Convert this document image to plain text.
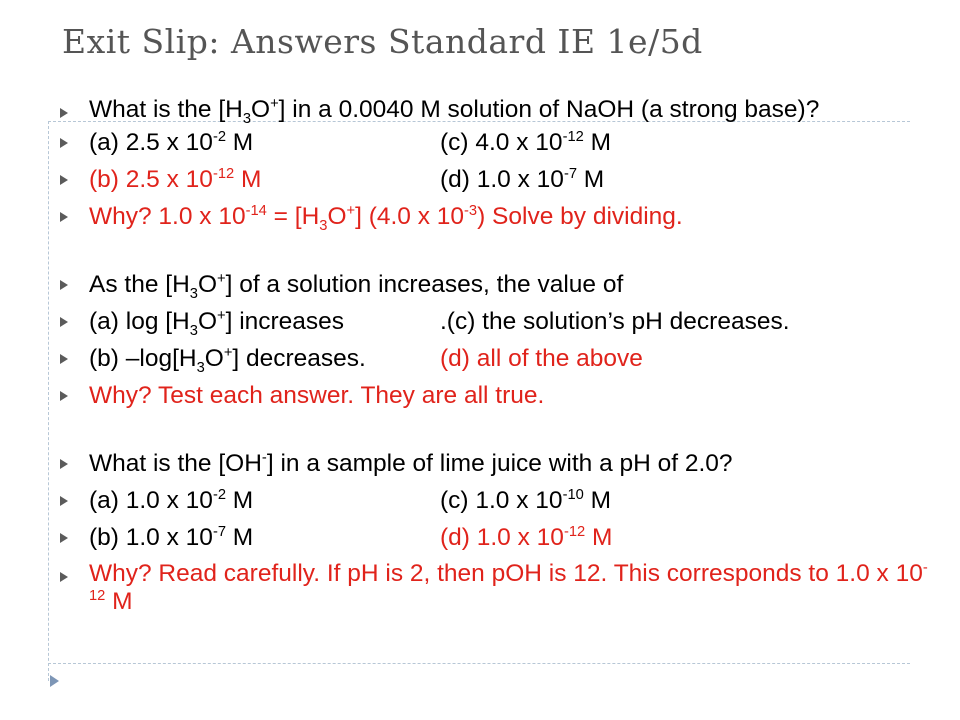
Exit Slip: Answers Standard IE 1e/5d
What is the $[H_3O^+]$ in a 0.0040 M solution of NaOH (a strong base)?
(a) 2.5 x $10^{-2}$ M	(c) 4.0 x $10^{-12}$ M
(b) 2.5 x $10^{-12}$ M	(d) 1.0 x $10^{-7}$ M
Why? 1.0 x $10^{-14} = [H_3O^+]$ (4.0 x $10^{-3}$) Solve by dividing.
As the $[H_3O^+]$ of a solution increases, the value of
(a) $\log [H_3O^+]$ increases	.(c) the solution’s pH decreases.
(b) $-\log[H_3O^+]$ decreases.	(d) all of the above
Why? Test each answer. They are all true.
What is the [OH-] in a sample of lime juice with a pH of 2.0?
(a) 1.0 x $10^{-2}$ M	(c) 1.0 x $10^{-10}$ M
(b) 1.0 x $10^{-7}$ M	(d) 1.0 x $10^{-12}$ M
Why? Read carefully. If pH is 2, then pOH is 12. This corresponds to 1.0 x $10^{-12}$ M
